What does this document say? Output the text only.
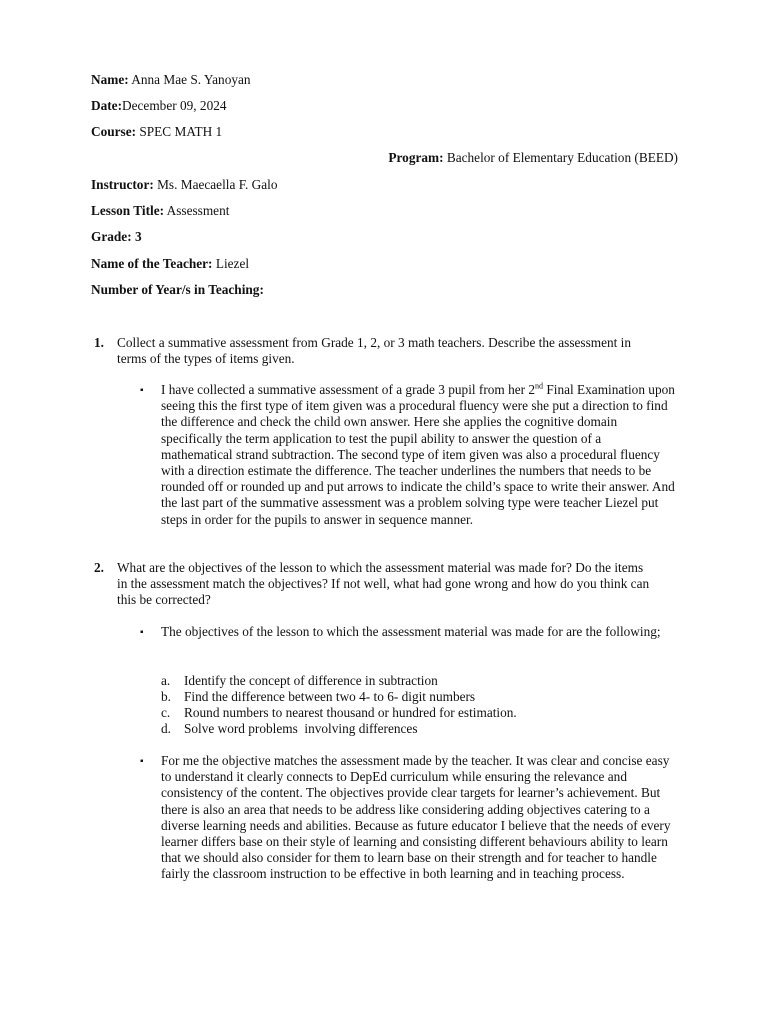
Name: Anna Mae S. Yanoyan
Date:December 09, 2024
Course: SPEC MATH 1
Program: Bachelor of Elementary Education (BEED)
Instructor: Ms. Maecaella F. Galo
Lesson Title: Assessment
Grade: 3
Name of the Teacher: Liezel
Number of Year/s in Teaching:
1. Collect a summative assessment from Grade 1, 2, or 3 math teachers. Describe the assessment in terms of the types of items given.
▪ I have collected a summative assessment of a grade 3 pupil from her 2nd Final Examination upon seeing this the first type of item given was a procedural fluency were she put a direction to find the difference and check the child own answer. Here she applies the cognitive domain specifically the term application to test the pupil ability to answer the question of a mathematical strand subtraction. The second type of item given was also a procedural fluency with a direction estimate the difference. The teacher underlines the numbers that needs to be rounded off or rounded up and put arrows to indicate the child’s space to write their answer. And the last part of the summative assessment was a problem solving type were teacher Liezel put steps in order for the pupils to answer in sequence manner.
2. What are the objectives of the lesson to which the assessment material was made for? Do the items in the assessment match the objectives? If not well, what had gone wrong and how do you think can this be corrected?
▪ The objectives of the lesson to which the assessment material was made for are the following;
a. Identify the concept of difference in subtraction
b. Find the difference between two 4- to 6- digit numbers
c. Round numbers to nearest thousand or hundred for estimation.
d. Solve word problems  involving differences
▪ For me the objective matches the assessment made by the teacher. It was clear and concise easy to understand it clearly connects to DepEd curriculum while ensuring the relevance and consistency of the content. The objectives provide clear targets for learner’s achievement. But there is also an area that needs to be address like considering adding objectives catering to a diverse learning needs and abilities. Because as future educator I believe that the needs of every learner differs base on their style of learning and consisting different behaviours ability to learn that we should also consider for them to learn base on their strength and for teacher to handle fairly the classroom instruction to be effective in both learning and in teaching process.
